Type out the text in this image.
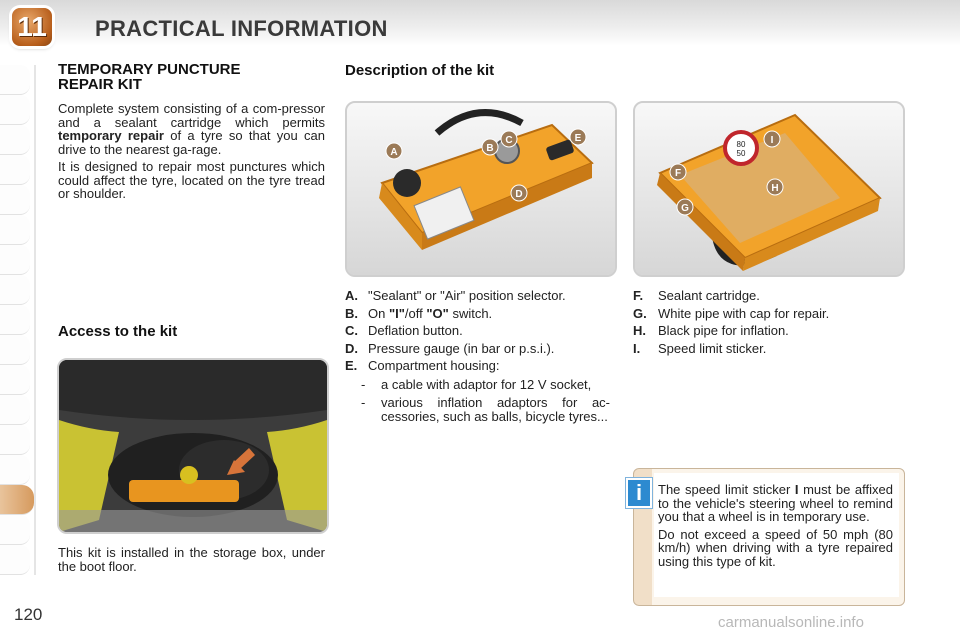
11 PRACTICAL INFORMATION
TEMPORARY PUNCTURE REPAIR KIT

Complete system consisting of a com-pressor and a sealant cartridge which permits temporary repair of a tyre so that you can drive to the nearest ga-rage.

It is designed to repair most punctures which could affect the tyre, located on the tyre tread or shoulder.

Access to the kit

This kit is installed in the storage box, under the boot floor.

Description of the kit
A	B
C
D
E
80
50
I
F
H
G
A. "Sealant" or "Air" position selector.
B. On "I"/off "O" switch.
C. Deflation button.
D. Pressure gauge (in bar or p.s.i.).
E. Compartment housing:
-	a cable with adaptor for 12 V socket,
-	various inflation adaptors for ac-cessories, such as balls, bicycle tyres...
F.	Sealant cartridge.
G. White pipe with cap for repair.
H. Black pipe for inflation.
I.	Speed limit sticker.

The speed limit sticker I must be affixed to the vehicle's steering wheel to remind you that a wheel is in temporary use.

Do not exceed a speed of 50 mph (80 km/h) when driving with a tyre repaired using this type of kit.

i
120	carmanualsonline.info
